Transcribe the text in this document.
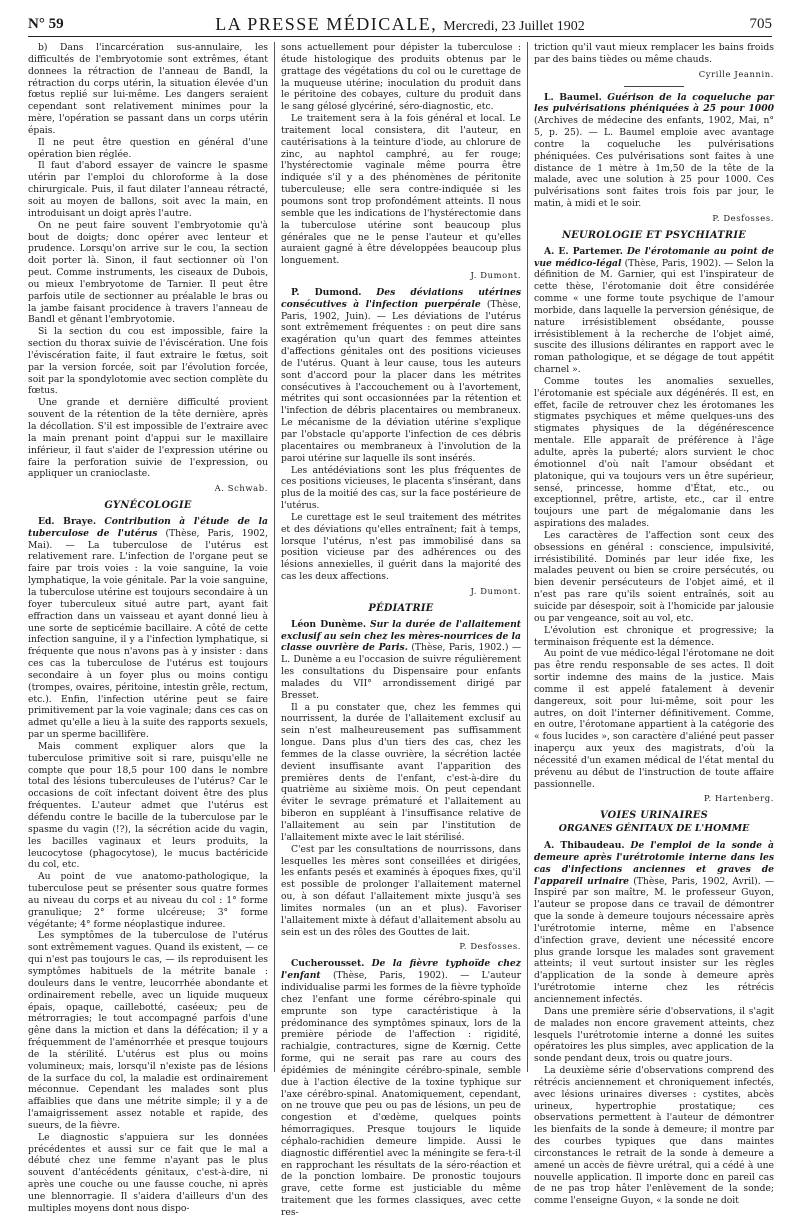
N° 59	LA PRESSE MÉDICALE, Mercredi, 23 Juillet 1902	705

b) Dans l'incarcération sus-annulaire, les difficultés de l'embryotomie sont extrêmes, étant donnees la rétraction de l'anneau de Bandl, la rétraction du corps utérin, la situation élevée d'un fœtus replié sur lui-même. Les dangers seraient cependant sont relativement minimes pour la mère, l'opération se passant dans un corps utérin épais.

Il ne peut être question en général d'une opération bien réglée.

Il faut d'abord essayer de vaincre le spasme utérin par l'emploi du chloroforme à la dose chirurgicale. Puis, il faut dilater l'anneau rétracté, soit au moyen de ballons, soit avec la main, en introduisant un doigt après l'autre.

On ne peut faire souvent l'embryotomie qu'à bout de doigts; donc opérer avec lenteur et prudence. Lorsqu'on arrive sur le cou, la section doit porter là. Sinon, il faut sectionner où l'on peut. Comme instruments, les ciseaux de Dubois, ou mieux l'embryotome de Tarnier. Il peut être parfois utile de sectionner au préalable le bras ou la jambe faisant procidence à travers l'anneau de Bandl et gênant l'embryotomie.

Si la section du cou est impossible, faire la section du thorax suivie de l'éviscération. Une fois l'éviscération faite, il faut extraire le fœtus, soit par la version forcée, soit par l'évolution forcée, soit par la spondylotomie avec section complète du fœtus.

Une grande et dernière difficulté provient souvent de la rétention de la tête dernière, après la décollation. S'il est impossible de l'extraire avec la main prenant point d'appui sur le maxillaire inférieur, il faut s'aider de l'expression utérine ou faire la perforation suivie de l'expression, ou appliquer un cranioclaste.

A. Schwab.

GYNÉCOLOGIE

Ed. Braye. Contribution à l'étude de la tuberculose de l'utérus (Thèse, Paris, 1902, Mai). — La tuberculose de l'utérus est relativement rare. L'infection de l'organe peut se faire par trois voies : la voie sanguine, la voie lymphatique, la voie génitale. Par la voie sanguine, la tuberculose utérine est toujours secondaire à un foyer tuberculeux situé autre part, ayant fait effraction dans un vaisseau et ayant donné lieu à une sorte de septicémie bacillaire. A côté de cette infection sanguine, il y a l'infection lymphatique, si fréquente que nous n'avons pas à y insister : dans ces cas la tuberculose de l'utérus est toujours secondaire à un foyer plus ou moins contigu (trompes, ovaires, péritoine, intestin grêle, rectum, etc.). Enfin, l'infection utérine peut se faire primitivement par la voie vaginale; dans ces cas on admet qu'elle a lieu à la suite des rapports sexuels, par un sperme bacillifère.

Mais comment expliquer alors que la tuberculose primitive soit si rare, puisqu'elle ne compte que pour 18,5 pour 100 dans le nombre total des lésions tuberculeuses de l'utérus? Car le occasions de coït infectant doivent être des plus fréquentes. L'auteur admet que l'utérus est défendu contre le bacille de la tuberculose par le spasme du vagin (!?), la sécrétion acide du vagin, les bacilles vaginaux et leurs produits, la leucocytose (phagocytose), le mucus bactéricide du col, etc.

Au point de vue anatomo-pathologique, la tuberculose peut se présenter sous quatre formes au niveau du corps et au niveau du col : 1° forme granulique; 2° forme ulcéreuse; 3° forme végétante; 4° forme néoplastique induree.

Les symptômes de la tuberculose de l'utérus sont extrêmement vagues. Quand ils existent, — ce qui n'est pas toujours le cas, — ils reproduisent les symptômes habituels de la métrite banale : douleurs dans le ventre, leucorrhée abondante et ordinairement rebelle, avec un liquide muqueux épais, opaque, caillebotté, caséeux; peu de métrorragies; le tout accompagné parfois d'une gêne dans la miction et dans la défécation; il y a fréquemment de l'aménorrhée et presque toujours de la stérilité. L'utérus est plus ou moins volumineux; mais, lorsqu'il n'existe pas de lésions de la surface du col, la maladie est ordinairement méconnue. Cependant les malades sont plus affaiblies que dans une métrite simple; il y a de l'amaigrissement assez notable et rapide, des sueurs, de la fièvre.

Le diagnostic s'appuiera sur les données précédentes et aussi sur ce fait que le mal a débuté chez une femme n'ayant pas le plus souvent d'antécédents génitaux, c'est-à-dire, ni après une couche ou une fausse couche, ni après une blennorragie. Il s'aidera d'ailleurs d'un des multiples moyens dont nous dispo-

sons actuellement pour dépister la tuberculose : étude histologique des produits obtenus par le grattage des végétations du col ou le curettage de la muqueuse utérine; inoculation du produit dans le péritoine des cobayes, culture du produit dans le sang gélosé glycériné, séro-diagnostic, etc.

Le traitement sera à la fois général et local. Le traitement local consistera, dit l'auteur, en cautérisations à la teinture d'iode, au chlorure de zinc, au naphtol camphré, au fer rouge; l'hystérectomie vaginale même pourra être indiquée s'il y a des phénomènes de péritonite tuberculeuse; elle sera contre-indiquée si les poumons sont trop profondément atteints. Il nous semble que les indications de l'hystérectomie dans la tuberculose utérine sont beaucoup plus générales que ne le pense l'auteur et qu'elles auraient gagné à être développées beaucoup plus longuement.

J. Dumont.

P. Dumond. Des déviations utérines consécutives à l'infection puerpérale (Thèse, Paris, 1902, Juin). — Les déviations de l'utérus sont extrêmement fréquentes : on peut dire sans exagération qu'un quart des femmes atteintes d'affections génitales ont des positions vicieuses de l'utérus. Quant à leur cause, tous les auteurs sont d'accord pour la placer dans les métrites consécutives à l'accouchement ou à l'avortement, métrites qui sont occasionnées par la rétention et l'infection de débris placentaires ou membraneux. Le mécanisme de la déviation utérine s'explique par l'obstacle qu'apporte l'infection de ces débris placentaires ou membraneux à l'involution de la paroi utérine sur laquelle ils sont insérés.

Les antédéviations sont les plus fréquentes de ces positions vicieuses, le placenta s'insérant, dans plus de la moitié des cas, sur la face postérieure de l'utérus.

Le curettage est le seul traitement des métrites et des déviations qu'elles entraînent; fait à temps, lorsque l'utérus, n'est pas immobilisé dans sa position vicieuse par des adhérences ou des lésions annexielles, il guérit dans la majorité des cas les deux affections.

J. Dumont.

PÉDIATRIE

Léon Dunème. Sur la durée de l'allaitement exclusif au sein chez les mères-nourrices de la classe ouvrière de Paris. (Thèse, Paris, 1902.) — L. Dunème a eu l'occasion de suivre régulièrement les consultations du Dispensaire pour enfants malades du VII° arrondissement dirigé par Bresset.

Il a pu constater que, chez les femmes qui nourrissent, la durée de l'allaitement exclusif au sein n'est malheureusement pas suffisamment longue. Dans plus d'un tiers des cas, chez les femmes de la classe ouvrière, la sécrétion lactée devient insuffisante avant l'apparition des premières dents de l'enfant, c'est-à-dire du quatrième au sixième mois. On peut cependant éviter le sevrage prématuré et l'allaitement au biberon en suppléant à l'insuffisance relative de l'allaitement au sein par l'institution de l'allaitement mixte avec le lait stérilisé.

C'est par les consultations de nourrissons, dans lesquelles les mères sont conseillées et dirigées, les enfants pesés et examinés à époques fixes, qu'il est possible de prolonger l'allaitement maternel ou, à son défaut l'allaitement mixte jusqu'à ses limites normales (un an et plus). Favoriser l'allaitement mixte à défaut d'allaitement absolu au sein est un des rôles des Gouttes de lait.

P. Desfosses.

Cucherousset. De la fièvre typhoïde chez l'enfant (Thèse, Paris, 1902). — L'auteur individualise parmi les formes de la fièvre typhoïde chez l'enfant une forme cérébro-spinale qui emprunte son type caractéristique à la prédominance des symptômes spinaux, lors de la première période de l'affection : rigidité, rachialgie, contractures, signe de Kœrnig. Cette forme, qui ne serait pas rare au cours des épidémies de méningite cérébro-spinale, semble due à l'action élective de la toxine typhique sur l'axe cérébro-spinal. Anatomiquement, cependant, on ne trouve que peu ou pas de lésions, un peu de congestion et d'œdème, quelques points hémorragiques. Presque toujours le liquide céphalo-rachidien demeure limpide. Aussi le diagnostic différentiel avec la méningite se fera-t-il en rapprochant les résultats de la séro-réaction et de la ponction lombaire. De pronostic toujours grave, cette forme est justiciable du même traitement que les formes classiques, avec cette res-

triction qu'il vaut mieux remplacer les bains froids par des bains tièdes ou même chauds.

Cyrille Jeannin.

L. Baumel. Guérison de la coqueluche par les pulvérisations phéniquées à 25 pour 1000 (Archives de médecine des enfants, 1902, Mai, n° 5, p. 25). — L. Baumel emploie avec avantage contre la coqueluche les pulvérisations phéniquées. Ces pulvérisations sont faites à une distance de 1 mètre à 1m,50 de la tête de la malade, avec une solution à 25 pour 1000. Ces pulvérisations sont faites trois fois par jour, le matin, à midi et le soir.

P. Desfosses.

NEUROLOGIE ET PSYCHIATRIE

A. E. Partemer. De l'érotomanie au point de vue médico-légal (Thèse, Paris, 1902). — Selon la définition de M. Garnier, qui est l'inspirateur de cette thèse, l'érotomanie doit être considérée comme « une forme toute psychique de l'amour morbide, dans laquelle la perversion génésique, de nature irrésistiblement obsédante, pousse irrésistiblement à la recherche de l'objet aimé, suscite des illusions délirantes en rapport avec le roman pathologique, et se dégage de tout appétit charnel ».

Comme toutes les anomalies sexuelles, l'érotomanie est spéciale aux dégénérés. Il est, en effet, facile de retrouver chez les érotomanes les stigmates psychiques et même quelques-uns des stigmates physiques de la dégénérescence mentale. Elle apparaît de préférence à l'âge adulte, après la puberté; alors survient le choc émotionnel d'où naît l'amour obsédant et platonique, qui va toujours vers un être supérieur, sensé, princesse, homme d'État, etc., ou exceptionnel, prêtre, artiste, etc., car il entre toujours une part de mégalomanie dans les aspirations des malades.

Les caractères de l'affection sont ceux des obsessions en général : conscience, impulsivité, irrésistibilité. Dominés par leur idée fixe, les malades peuvent ou bien se croire persécutés, ou bien devenir persécuteurs de l'objet aimé, et il n'est pas rare qu'ils soient entraînés, soit au suicide par désespoir, soit à l'homicide par jalousie ou par vengeance, soit au vol, etc.

L'évolution est chronique et progressive; la terminaison fréquente est la démence.

Au point de vue médico-légal l'érotomane ne doit pas être rendu responsable de ses actes. Il doit sortir indemne des mains de la justice. Mais comme il est appelé fatalement à devenir dangereux, soit pour lui-même, soit pour les autres, on doit l'interner définitivement. Comme, en outre, l'érotomane appartient à la catégorie des « fous lucides », son caractère d'aliéné peut passer inaperçu aux yeux des magistrats, d'où la nécessité d'un examen médical de l'état mental du prévenu au début de l'instruction de toute affaire passionnelle.

P. Hartenberg.

VOIES URINAIRES

ORGANES GÉNITAUX DE L'HOMME

A. Thibaudeau. De l'emploi de la sonde à demeure après l'urétrotomie interne dans les cas d'infections anciennes et graves de l'appareil urinaire (Thèse, Paris, 1902, Avril). — Inspiré par son maître, M. le professeur Guyon, l'auteur se propose dans ce travail de démontrer que la sonde à demeure toujours nécessaire après l'urétrotomie interne, même en l'absence d'infection grave, devient une nécessité encore plus grande lorsque les malades sont gravement atteints; il veut surtout insister sur les règles d'application de la sonde à demeure après l'urétrotomie interne chez les rétrécis anciennement infectés.

Dans une première série d'observations, il s'agit de malades non encore gravement atteints, chez lesquels l'urétrotomie interne a donné les suites opératoires les plus simples, avec application de la sonde pendant deux, trois ou quatre jours.

La deuxième série d'observations comprend des rétrécis anciennement et chroniquement infectés, avec lésions urinaires diverses : cystites, abcès urineux, hypertrophie prostatique; ces observations permettent à l'auteur de démontrer les bienfaits de la sonde à demeure; il montre par des courbes typiques que dans maintes circonstances le retrait de la sonde à demeure a amené un accès de fièvre urétral, qui a cédé à une nouvelle application. Il importe donc en pareil cas de ne pas trop hâter l'enlèvement de la sonde; comme l'enseigne Guyon, « la sonde ne doit
